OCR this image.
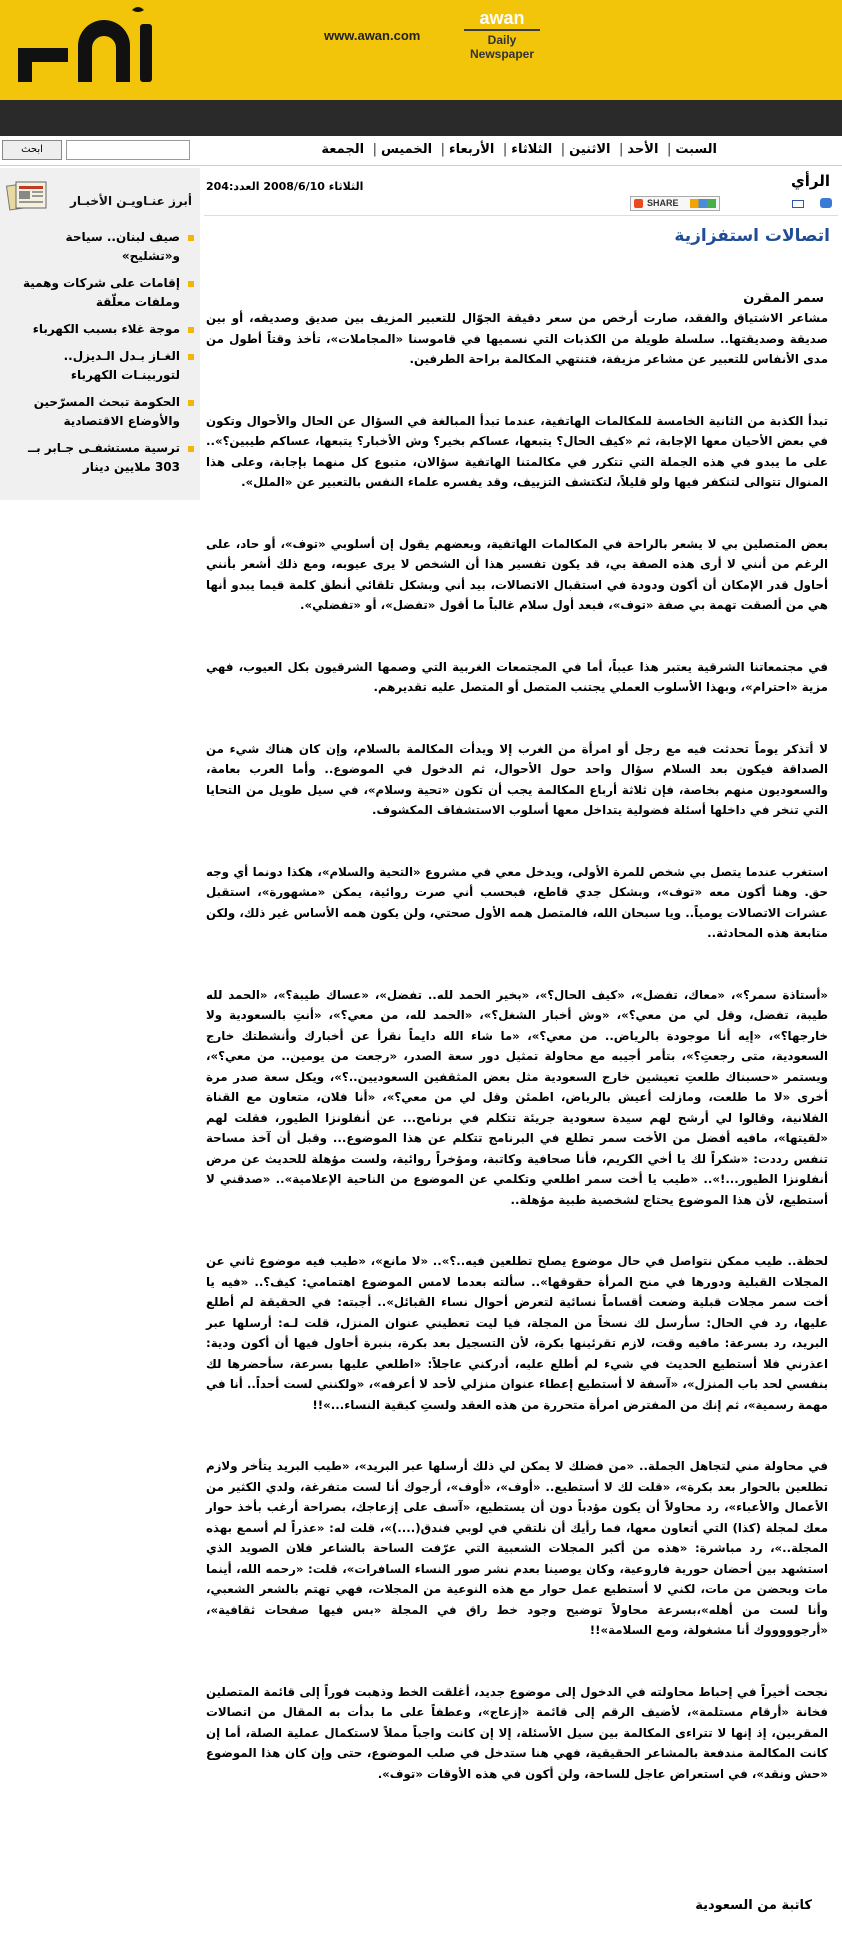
www.awan.com
awan
Daily Newspaper
السبت| الأحد| الاثنين| الثلاثاء| الأربعاء| الخميس| الجمعة
ابحث
أبرز عنـاويـن الأخبـار
صيف لبنان.. سياحة و«تشليح»
إقامات على شركات وهمية وملفات معلّقة
موجة غلاء بسبب الكهرباء
الغـاز بـدل الـديزل.. لتوربينـات الكهرباء
الحكومة تبحث المسرّحين والأوضاع الاقتصادية
ترسية مستشفـى جـابر بــ 303 ملايين دينار
الرأي
الثلاثاء 2008/6/10 العدد:204
SHARE
اتصالات استفزازية
سمر المقرن

مشاعر الاشتياق والفقد، صارت أرخص من سعر دقيقة الجوّال للتعبير المزيف بين صديق وصديقه، أو بين صديقة وصديقتها.. سلسلة طويلة من الكذبات التي نسميها في قاموسنا «المجاملات»، تأخذ وقتاً أطول من مدى الأنفاس للتعبير عن مشاعر مزيفة، فتنتهي المكالمة براحة الطرفين.

تبدأ الكذبة من الثانية الخامسة للمكالمات الهاتفية، عندما تبدأ المبالغة في السؤال عن الحال والأحوال وتكون في بعض الأحيان معها الإجابة، ثم «كيف الحال؟ يتبعها، عساكم بخير؟ وش الأخبار؟ يتبعها، عساكم طيبين؟».. على ما يبدو في هذه الجملة التي تتكرر في مكالمتنا الهاتفية سؤالان، متبوع كل منهما بإجابة، وعلى هذا المنوال تتوالى لتنكفر فيها ولو قليلاً، لتكتشف التزييف، وقد يفسره علماء النفس بالتعبير عن «الملل».

بعض المتصلين بي لا يشعر بالراحة في المكالمات الهاتفية، وبعضهم يقول إن أسلوبي «توف»، أو حاد، على الرغم من أنني لا أرى هذه الصفة بي، قد يكون تفسير هذا أن الشخص لا يرى عيوبه، ومع ذلك أشعر بأنني أحاول قدر الإمكان أن أكون ودودة في استقبال الاتصالات، بيد أني وبشكل تلقائي أنطق كلمة قيما يبدو أنها هي من ألصقت تهمة بي صفة «توف»، فبعد أول سلام غالباً ما أقول «تفضل»، أو «تفضلي».

في مجتمعاتنا الشرقية يعتبر هذا عيباً، أما في المجتمعات الغربية التي وصمها الشرقيون بكل العيوب، فهي مزية «احترام»، وبهذا الأسلوب العملي يجتنب المتصل أو المتصل عليه تقديرهم.

لا أتذكر يوماً تحدثت فيه مع رجل أو امرأة من الغرب إلا ويدأت المكالمة بالسلام، وإن كان هناك شيء من الصداقة فيكون بعد السلام سؤال واحد حول الأحوال، ثم الدخول في الموضوع.. وأما العرب بعامة، والسعوديون منهم بخاصة، فإن ثلاثة أرباع المكالمة يجب أن تكون «تحية وسلام»، في سيل طويل من التحايا التي تنخر في داخلها أسئلة فضولية يتداخل معها أسلوب الاستشفاف المكشوف.

استغرب عندما يتصل بي شخص للمرة الأولى، ويدخل معي في مشروع «التحية والسلام»، هكذا دونما أي وجه حق. وهنا أكون معه «توف»، وبشكل جدي قاطع، فبحسب أني صرت روائية، يمكن «مشهورة»، استقبل عشرات الاتصالات يومياً.. ويا سبحان الله، فالمتصل همه الأول صحتي، ولن يكون همه الأساس غير ذلك، ولكن متابعة هذه المحادثة..

«أستاذة سمر؟»، «معاك، تفضل»، «كيف الحال؟»، «بخير الحمد لله.. تفضل»، «عساك طيبة؟»، «الحمد لله طيبة، تفضل، وقل لي من معي؟»، «وش أخبار الشغل؟»، «الحمد لله، من معي؟»، «أنتِ بالسعودية ولا خارجها؟»، «إيه أنا موجودة بالرياض.. من معي؟»، «ما شاء الله دايماً نقرأ عن أخبارك وأنشطتك خارج السعودية، متى رجعتِ؟»، بتأمر أجيبه مع محاولة تمثيل دور سعة الصدر، «رجعت من يومين.. من معي؟»، ويستمر «حسبناك طلعتِ تعيشين خارج السعودية مثل بعض المثقفين السعوديين..؟»، ويكل سعة صدر مرة أخرى «لا ما طلعت، ومازلت أعيش بالرياض، اطمئن وقل لي من معي؟»، «أنا فلان، متعاون مع القناة الفلانية، وقالوا لي أرشح لهم سيدة سعودية جريئة تتكلم في برنامج... عن أنفلونزا الطيور، فقلت لهم «لقيتها»، مافيه أفضل من الأخت سمر تطلع في البرنامج تتكلم عن هذا الموضوع... وقبل أن آخذ مساحة تنفس رددت: «شكراً لك يا أخي الكريم، فأنا صحافية وكاتبة، ومؤخراً روائية، ولست مؤهلة للحديث عن مرض أنفلونزا الطيور...!».. «طيب يا أخت سمر اطلعي وتكلمي عن الموضوع من الناحية الإعلامية».. «صدقني لا أستطيع، لأن هذا الموضوع يحتاج لشخصية طبية مؤهلة..

لحظة.. طيب ممكن نتواصل في حال موضوع يصلح تطلعين فيه..؟».. «لا مانع»، «طيب فيه موضوع ثاني عن المجلات القبلية ودورها في منح المرأة حقوقها».. سألته بعدما لامس الموضوع اهتمامي: كيف؟.. «فيه يا أخت سمر مجلات قبلية وضعت أقساماً نسائية لتعرض أحوال نساء القبائل».. أجبته: في الحقيقة لم أطلع عليها، رد في الحال: سأرسل لك نسخاً من المجلة، فيا ليت تعطيني عنوان المنزل، قلت لـه: أرسلها عبر البريد، رد بسرعة: مافيه وقت، لازم تقرئينها بكرة، لأن التسجيل بعد بكرة، بنبرة أحاول فيها أن أكون ودية: اعذرني فلا أستطيع الحديث في شيء لم أطلع عليه، أدركني عاجلاً: «اطلعي عليها بسرعة، سأحضرها لك بنفسي لحد باب المنزل»، «آسفة لا أستطيع إعطاء عنوان منزلي لأحد لا أعرفه»، «ولكنني لست أحداً.. أنا في مهمة رسمية»، ثم إنك من المفترض امرأة متحررة من هذه العقد ولستِ كبقية النساء...»!!

في محاولة مني لتجاهل الجملة.. «من فضلك لا يمكن لي ذلك أرسلها عبر البريد»، «طيب البريد يتأخر ولازم تطلعين بالحوار بعد بكرة»، «قلت لك لا أستطيع.. «أوف»، «أوف»، أرجوك أنا لست متفرغة، ولدي الكثير من الأعمال والأعباء»، رد محاولاً أن يكون مؤدباً دون أن يستطيع، «آسف على إزعاجك، بصراحة أرغب بأخذ حوار معك لمجلة (كذا) التي أتعاون معها، فما رأيك أن نلتقي في لوبي فندق(....)»، قلت له: «عذراً لم أسمع بهذه المجلة..»، رد مباشرة: «هذه من أكبر المجلات الشعبية التي عرّفت الساحة بالشاعر فلان الصويد الذي استشهد بين أحضان حورية فاروعية، وكان يوصينا بعدم نشر صور النساء السافرات»، قلت: «رحمه الله، أينما مات وبحضن من مات، لكني لا أستطيع عمل حوار مع هذه النوعية من المجلات، فهي تهتم بالشعر الشعبي، وأنا لست من أهله»،بسرعة محاولاً توضيح وجود خط راق في المجلة «بس فيها صفحات ثقافية»، «أرجوووووك أنا مشغولة، ومع السلامة»!!

نجحت أخيراً في إحباط محاولته في الدخول إلى موضوع جديد، أغلقت الخط وذهبت فوراً إلى قائمة المتصلين فخانة «أرقام مستلمة»، لأضيف الرقم إلى قائمة «إزعاج»، وعطفاً على ما بدأت به المقال من اتصالات المقربين، إذ إنها لا تتراءى المكالمة بين سيل الأسئلة، إلا إن كانت واجباً مملاً لاستكمال عملية الصلة، أما إن كانت المكالمة مندفعة بالمشاعر الحقيقية، فهي هنا ستدخل في صلب الموضوع، حتى وإن كان هذا الموضوع «حش ونقد»، في استعراض عاجل للساحة، ولن أكون في هذه الأوقات «توف».

كاتبة من السعودية
